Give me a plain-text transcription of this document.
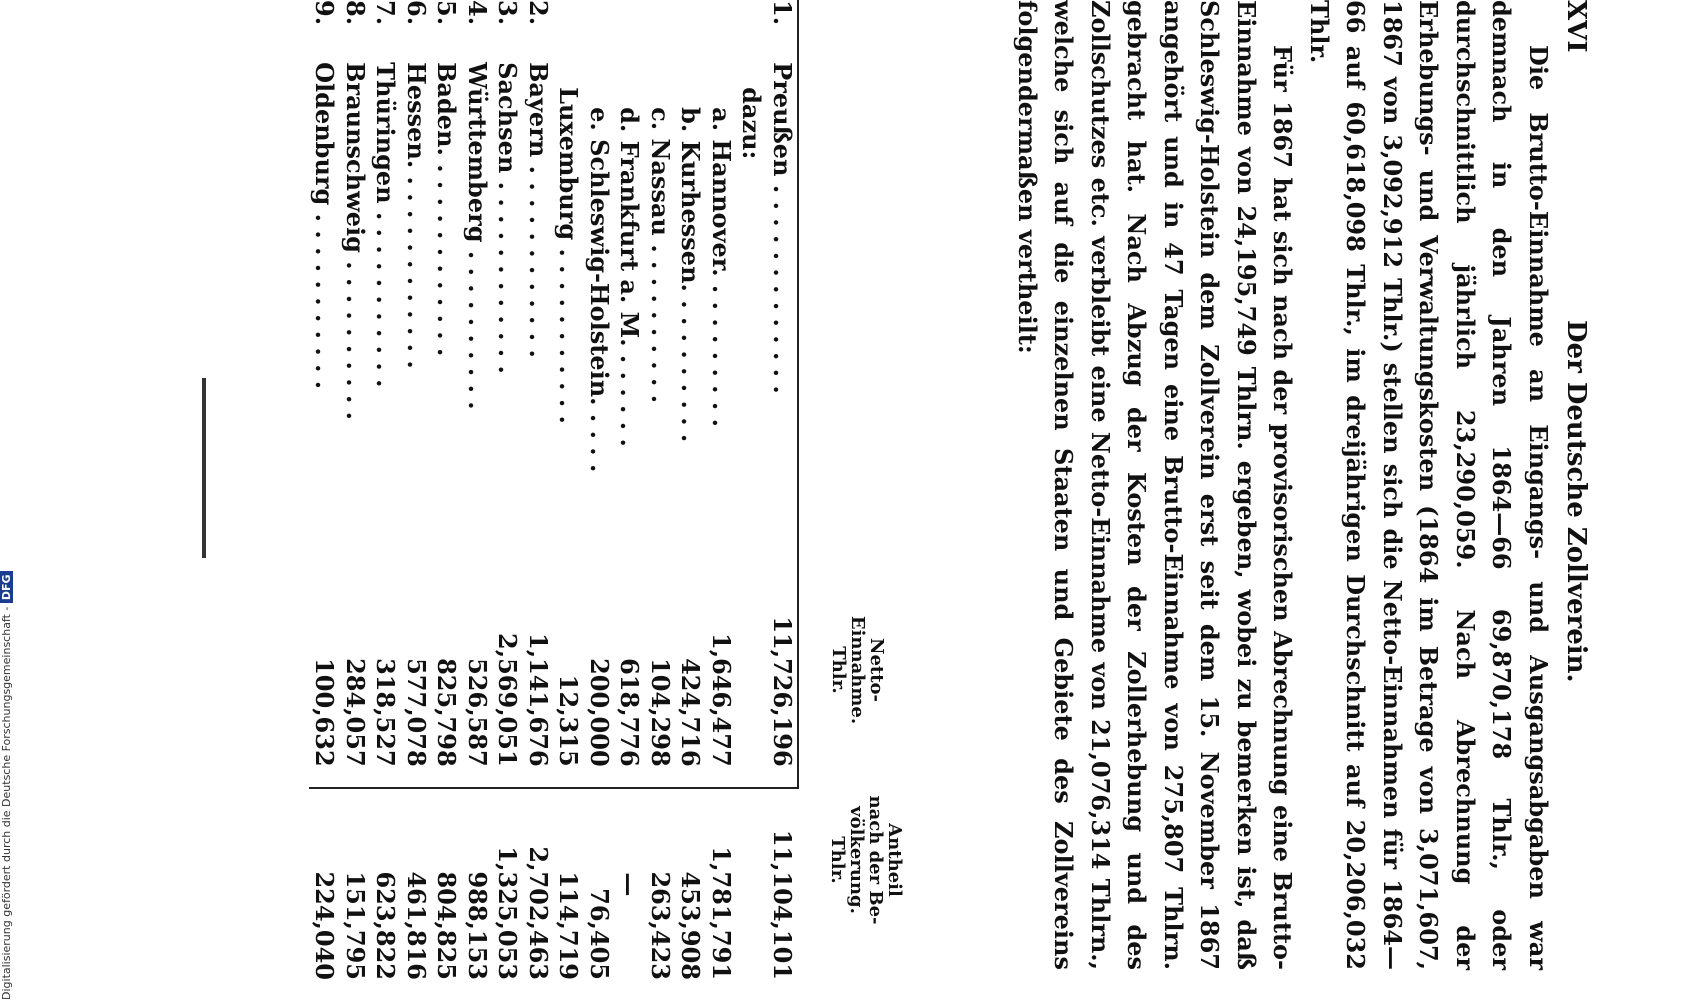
XVI
Der Deutsche Zollverein.

Die Brutto-Einnahme an Eingangs- und Ausgangsabgaben war demnach in den Jahren 1864—66 69,870,178 Thlr., oder durchschnittlich jährlich 23,290,059. Nach Abrechnung der Erhebungs- und Verwaltungskosten (1864 im Betrage von 3,071,607, 1867 von 3,092,912 Thlr.) stellen sich die Netto-Einnahmen für 1864—66 auf 60,618,098 Thlr., im dreijährigen Durchschnitt auf 20,206,032 Thlr.

Für 1867 hat sich nach der provisorischen Abrechnung eine Brutto-Einnahme von 24,195,749 Thlrn. ergeben, wobei zu bemerken ist, daß Schleswig-Holstein dem Zollverein erst seit dem 15. November 1867 angehört und in 47 Tagen eine Brutto-Einnahme von 275,807 Thlrn. gebracht hat. Nach Abzug der Kosten der Zollerhebung und des Zollschutzes etc. verbleibt eine Netto-Einnahme von 21,076,314 Thlrn., welche sich auf die einzelnen Staaten und Gebiete des Zollvereins folgendermaßen vertheilt:

Netto-
Einnahme.
Thlr.
Antheil
nach der Be-
völkerung.
Thlr.
1.	Preußen . . . . . . . . . . . . .	11,726,196	11,104,101
	dazu:		
	a. Hannover. . . . . . . . . .	1,646,477	1,781,791
	b. Kurhessen. . . . . . . . . .	424,716	453,908
	c. Nassau . . . . . . . . . .	104,298	263,423
	d. Frankfurt a. M. . . . . . .	618,776	—
	e. Schleswig-Holstein. . . . .	200,000	76,405
	Luxemburg . . . . . . . . . . .	12,315	114,719
2.	Bayern . . . . . . . . . . . .	1,141,676	2,702,463
3.	Sachsen . . . . . . . . . . . .	2,569,051	1,325,053
4.	Württemberg . . . . . . . . . .	526,587	988,153
5.	Baden. . . . . . . . . . . . .	825,798	804,825
6.	Hessen. . . . . . . . . . . . .	577,078	461,816
7.	Thüringen . . . . . . . . . . .	318,527	623,822
8.	Braunschweig . . . . . . . . . .	284,057	151,795
9.	Oldenburg . . . . . . . . . . .	100,632	224,040
Digitalisierung gefördert durch die Deutsche Forschungsgemeinschaft - DFG
